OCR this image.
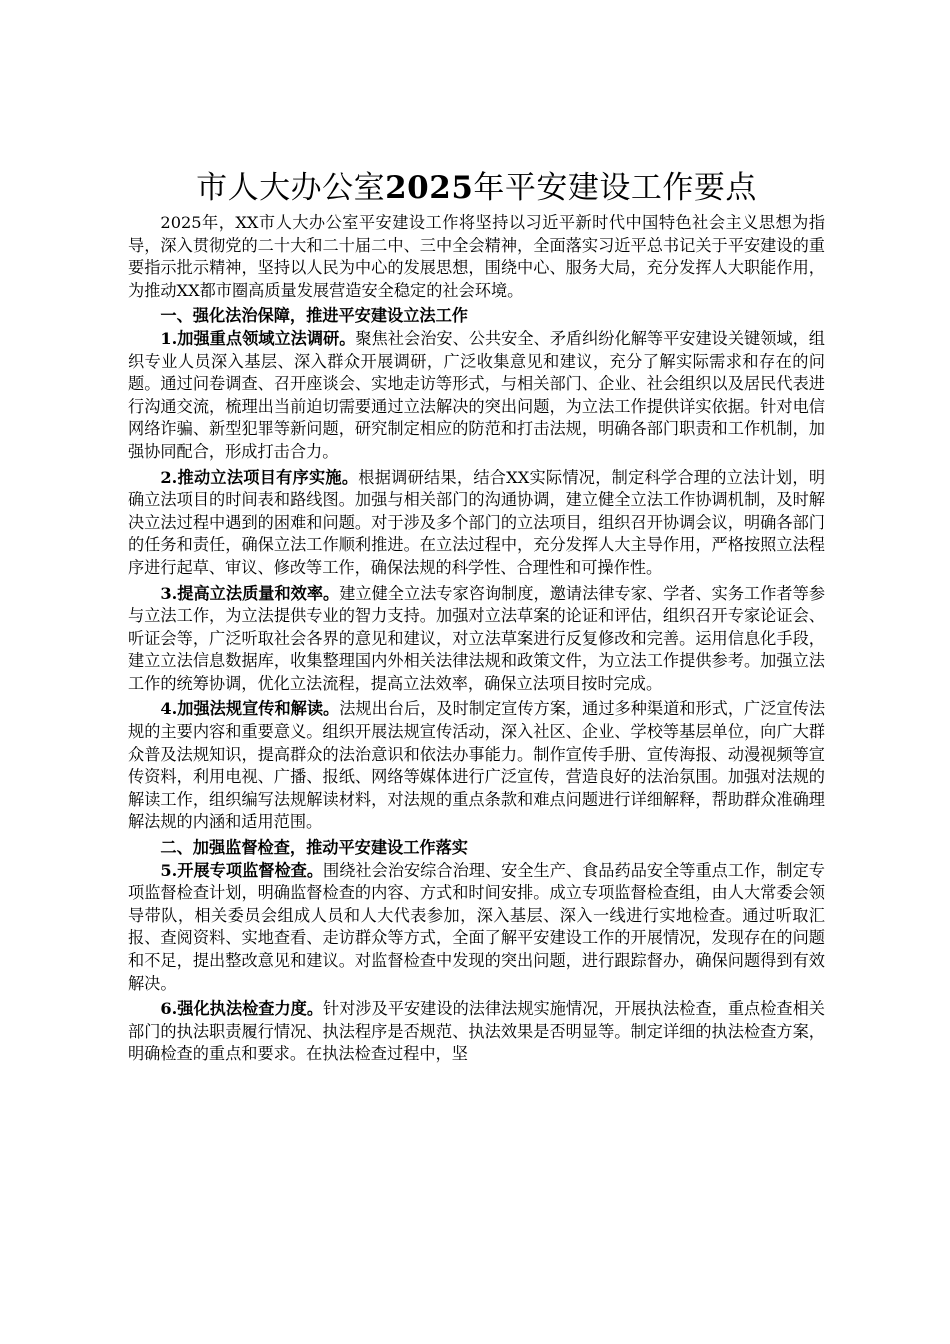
市人大办公室2025年平安建设工作要点

2025年，XX市人大办公室平安建设工作将坚持以习近平新时代中国特色社会主义思想为指导，深入贯彻党的二十大和二十届二中、三中全会精神，全面落实习近平总书记关于平安建设的重要指示批示精神，坚持以人民为中心的发展思想，围绕中心、服务大局，充分发挥人大职能作用，为推动XX都市圈高质量发展营造安全稳定的社会环境。

一、强化法治保障，推进平安建设立法工作

1.加强重点领域立法调研。聚焦社会治安、公共安全、矛盾纠纷化解等平安建设关键领域，组织专业人员深入基层、深入群众开展调研，广泛收集意见和建议，充分了解实际需求和存在的问题。通过问卷调查、召开座谈会、实地走访等形式，与相关部门、企业、社会组织以及居民代表进行沟通交流，梳理出当前迫切需要通过立法解决的突出问题，为立法工作提供详实依据。针对电信网络诈骗、新型犯罪等新问题，研究制定相应的防范和打击法规，明确各部门职责和工作机制，加强协同配合，形成打击合力。

2.推动立法项目有序实施。根据调研结果，结合XX实际情况，制定科学合理的立法计划，明确立法项目的时间表和路线图。加强与相关部门的沟通协调，建立健全立法工作协调机制，及时解决立法过程中遇到的困难和问题。对于涉及多个部门的立法项目，组织召开协调会议，明确各部门的任务和责任，确保立法工作顺利推进。在立法过程中，充分发挥人大主导作用，严格按照立法程序进行起草、审议、修改等工作，确保法规的科学性、合理性和可操作性。

3.提高立法质量和效率。建立健全立法专家咨询制度，邀请法律专家、学者、实务工作者等参与立法工作，为立法提供专业的智力支持。加强对立法草案的论证和评估，组织召开专家论证会、听证会等，广泛听取社会各界的意见和建议，对立法草案进行反复修改和完善。运用信息化手段，建立立法信息数据库，收集整理国内外相关法律法规和政策文件，为立法工作提供参考。加强立法工作的统筹协调，优化立法流程，提高立法效率，确保立法项目按时完成。

4.加强法规宣传和解读。法规出台后，及时制定宣传方案，通过多种渠道和形式，广泛宣传法规的主要内容和重要意义。组织开展法规宣传活动，深入社区、企业、学校等基层单位，向广大群众普及法规知识，提高群众的法治意识和依法办事能力。制作宣传手册、宣传海报、动漫视频等宣传资料，利用电视、广播、报纸、网络等媒体进行广泛宣传，营造良好的法治氛围。加强对法规的解读工作，组织编写法规解读材料，对法规的重点条款和难点问题进行详细解释，帮助群众准确理解法规的内涵和适用范围。

二、加强监督检查，推动平安建设工作落实

5.开展专项监督检查。围绕社会治安综合治理、安全生产、食品药品安全等重点工作，制定专项监督检查计划，明确监督检查的内容、方式和时间安排。成立专项监督检查组，由人大常委会领导带队，相关委员会组成人员和人大代表参加，深入基层、深入一线进行实地检查。通过听取汇报、查阅资料、实地查看、走访群众等方式，全面了解平安建设工作的开展情况，发现存在的问题和不足，提出整改意见和建议。对监督检查中发现的突出问题，进行跟踪督办，确保问题得到有效解决。

6.强化执法检查力度。针对涉及平安建设的法律法规实施情况，开展执法检查，重点检查相关部门的执法职责履行情况、执法程序是否规范、执法效果是否明显等。制定详细的执法检查方案，明确检查的重点和要求。在执法检查过程中，坚
